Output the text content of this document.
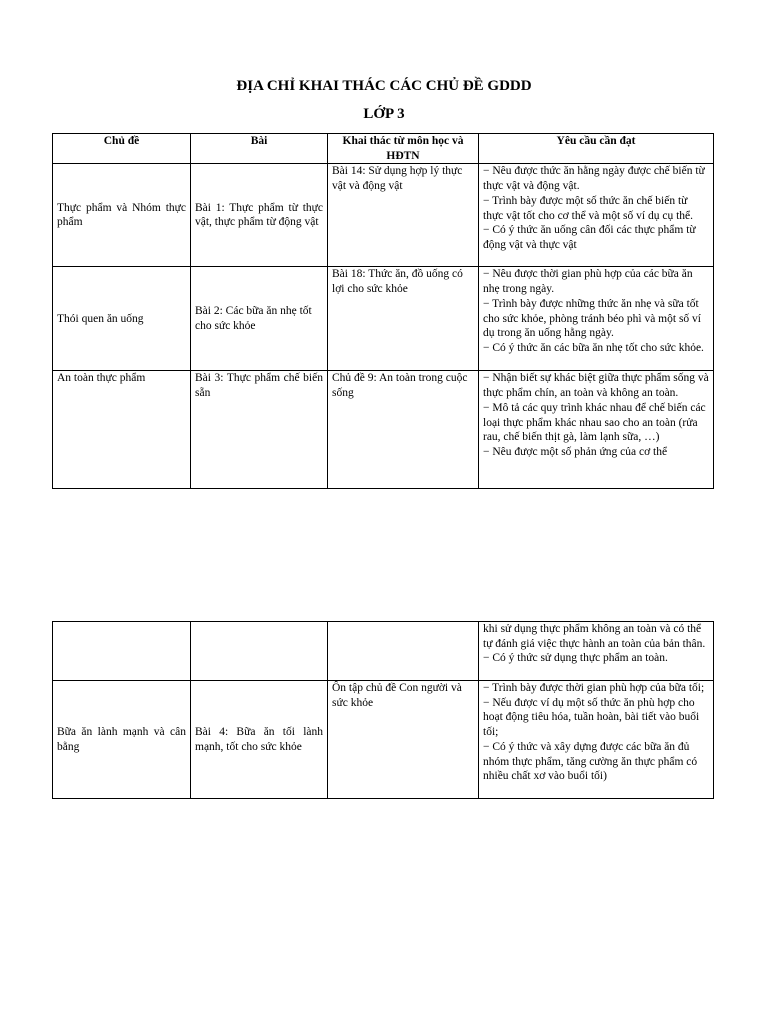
ĐỊA CHỈ KHAI THÁC CÁC CHỦ ĐỀ GDDD
LỚP 3
Chủ đề	Bài	Khai thác từ môn học và HĐTN	Yêu cầu cần đạt
Thực phẩm và Nhóm thực phẩm	Bài 1: Thực phẩm từ thực vật, thực phẩm từ động vật	Bài 14: Sử dụng hợp lý thực vật và động vật	− Nêu được thức ăn hằng ngày được chế biến từ thực vật và động vật.
− Trình bày được một số thức ăn chế biến từ thực vật tốt cho cơ thể và một số ví dụ cụ thể.
− Có ý thức ăn uống cân đối các thực phẩm từ động vật và thực vật

Thói quen ăn uống	Bài 2: Các bữa ăn nhẹ tốt cho sức khỏe	Bài 18: Thức ăn, đồ uống có lợi cho sức khỏe	− Nêu được thời gian phù hợp của các bữa ăn nhẹ trong ngày.
− Trình bày được những thức ăn nhẹ và sữa tốt cho sức khỏe, phòng tránh béo phì và một số ví dụ trong ăn uống hằng ngày.
− Có ý thức ăn các bữa ăn nhẹ tốt cho sức khỏe.

An toàn thực phẩm	Bài 3: Thực phẩm chế biến sẵn	Chủ đề 9: An toàn trong cuộc sống	− Nhận biết sự khác biệt giữa thực phẩm sống và thực phẩm chín, an toàn và không an toàn.
− Mô tả các quy trình khác nhau để chế biến các loại thực phẩm khác nhau sao cho an toàn (rửa rau, chế biến thịt gà, làm lạnh sữa, …)
− Nêu được một số phản ứng của cơ thể

			khi sử dụng thực phẩm không an toàn và có thể tự đánh giá việc thực hành an toàn của bản thân.
− Có ý thức sử dụng thực phẩm an toàn.

Bữa ăn lành mạnh và cân bằng	Bài 4: Bữa ăn tối lành mạnh, tốt cho sức khỏe	Ôn tập chủ đề Con người và sức khỏe	− Trình bày được thời gian phù hợp của bữa tối;
− Nếu được ví dụ một số thức ăn phù hợp cho hoạt động tiêu hóa, tuần hoàn, bài tiết vào buổi tối;
− Có ý thức và xây dựng được các bữa ăn đủ nhóm thực phẩm, tăng cường ăn thực phẩm có nhiều chất xơ vào buổi tối)
